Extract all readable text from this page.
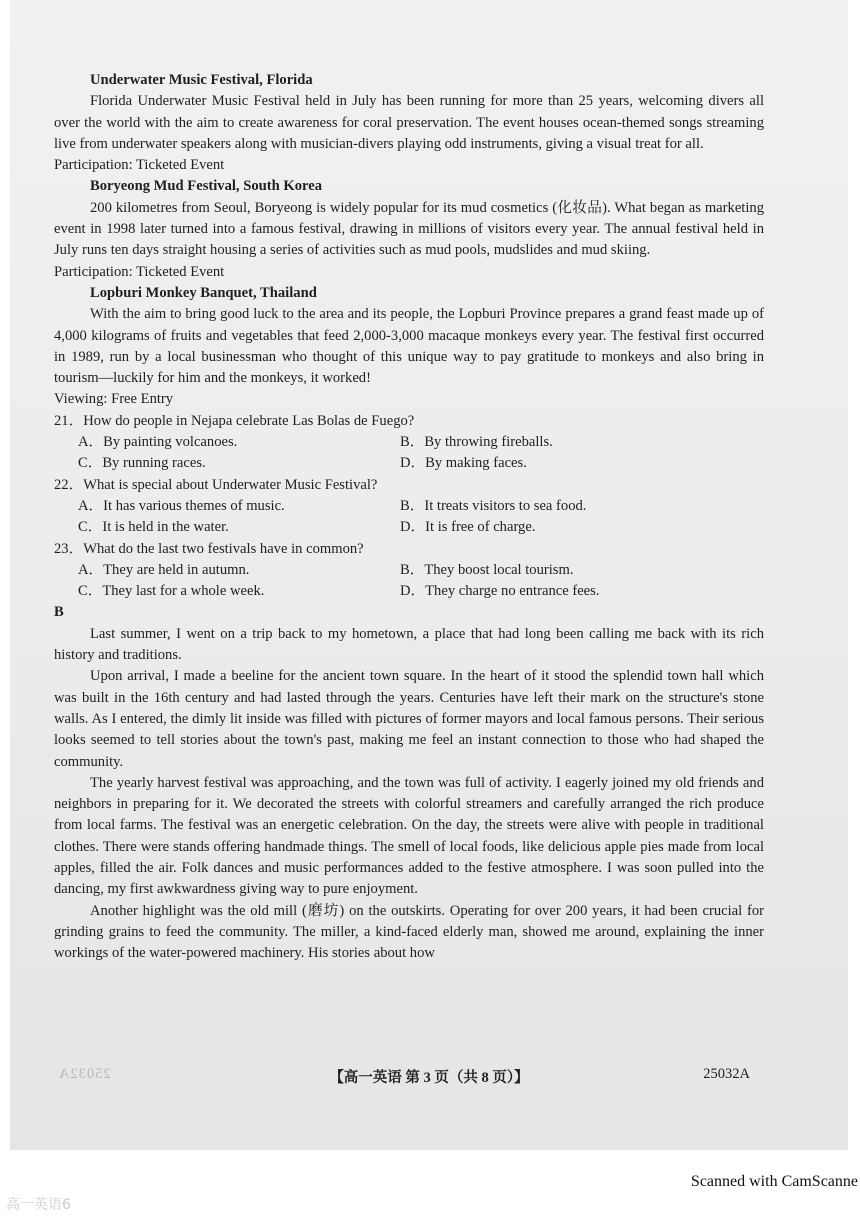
Underwater Music Festival, Florida

Florida Underwater Music Festival held in July has been running for more than 25 years, welcoming divers all over the world with the aim to create awareness for coral preservation. The event houses ocean-themed songs streaming live from underwater speakers along with musician-divers playing odd instruments, giving a visual treat for all.

Participation: Ticketed Event

Boryeong Mud Festival, South Korea

200 kilometres from Seoul, Boryeong is widely popular for its mud cosmetics (化妆品). What began as marketing event in 1998 later turned into a famous festival, drawing in millions of visitors every year. The annual festival held in July runs ten days straight housing a series of activities such as mud pools, mudslides and mud skiing.

Participation: Ticketed Event

Lopburi Monkey Banquet, Thailand

With the aim to bring good luck to the area and its people, the Lopburi Province prepares a grand feast made up of 4,000 kilograms of fruits and vegetables that feed 2,000-3,000 macaque monkeys every year. The festival first occurred in 1989, run by a local businessman who thought of this unique way to pay gratitude to monkeys and also bring in tourism—luckily for him and the monkeys, it worked!

Viewing: Free Entry

21．How do people in Nejapa celebrate Las Bolas de Fuego?

A．By painting volcanoes.	B．By throwing fireballs.
C．By running races.	D．By making faces.

22．What is special about Underwater Music Festival?

A．It has various themes of music.	B．It treats visitors to sea food.
C．It is held in the water.	D．It is free of charge.

23．What do the last two festivals have in common?

A．They are held in autumn.	B．They boost local tourism.
C．They last for a whole week.	D．They charge no entrance fees.

B

Last summer, I went on a trip back to my hometown, a place that had long been calling me back with its rich history and traditions.

Upon arrival, I made a beeline for the ancient town square. In the heart of it stood the splendid town hall which was built in the 16th century and had lasted through the years. Centuries have left their mark on the structure's stone walls. As I entered, the dimly lit inside was filled with pictures of former mayors and local famous persons. Their serious looks seemed to tell stories about the town's past, making me feel an instant connection to those who had shaped the community.

The yearly harvest festival was approaching, and the town was full of activity. I eagerly joined my old friends and neighbors in preparing for it. We decorated the streets with colorful streamers and carefully arranged the rich produce from local farms. The festival was an energetic celebration. On the day, the streets were alive with people in traditional clothes. There were stands offering handmade things. The smell of local foods, like delicious apple pies made from local apples, filled the air. Folk dances and music performances added to the festive atmosphere. I was soon pulled into the dancing, my first awkwardness giving way to pure enjoyment.

Another highlight was the old mill (磨坊) on the outskirts. Operating for over 200 years, it had been crucial for grinding grains to feed the community. The miller, a kind-faced elderly man, showed me around, explaining the inner workings of the water-powered machinery. His stories about how

25032A	【高一英语 第 3 页（共 8 页）】	25032A
Scanned with CamScanne
高一英语6
